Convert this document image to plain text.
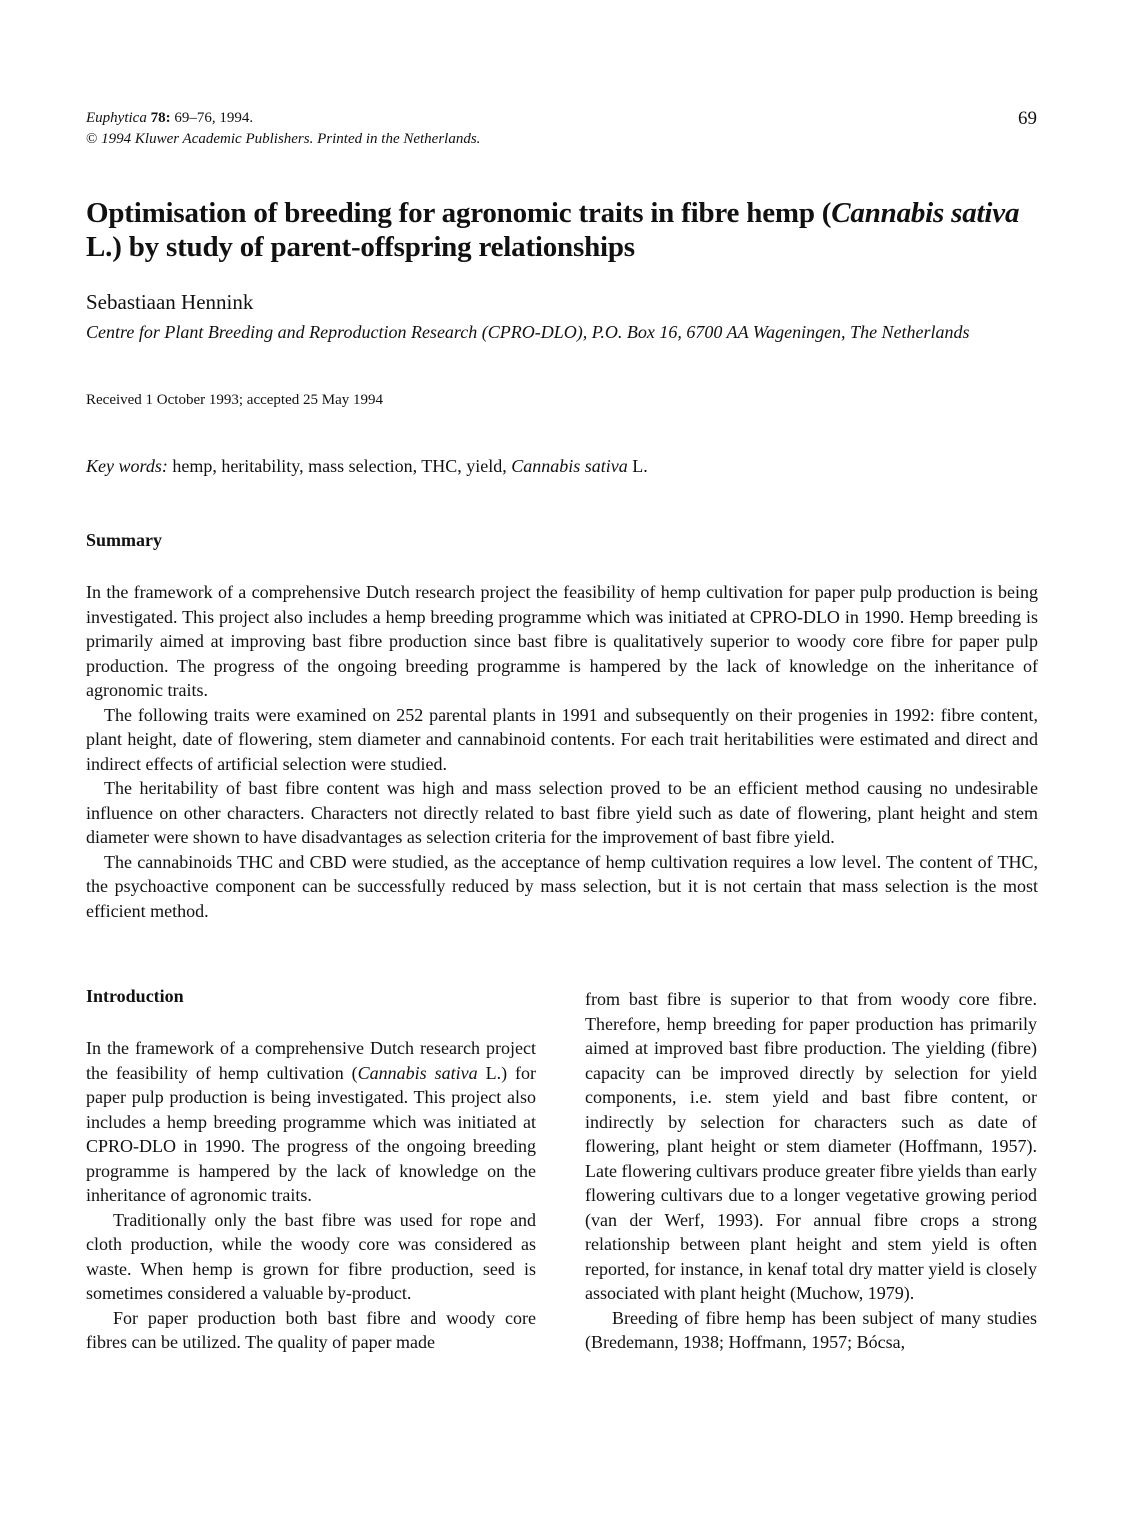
Euphytica 78: 69–76, 1994.
© 1994 Kluwer Academic Publishers. Printed in the Netherlands.
69
Optimisation of breeding for agronomic traits in fibre hemp (Cannabis sativa L.) by study of parent-offspring relationships
Sebastiaan Hennink
Centre for Plant Breeding and Reproduction Research (CPRO-DLO), P.O. Box 16, 6700 AA Wageningen, The Netherlands
Received 1 October 1993; accepted 25 May 1994
Key words: hemp, heritability, mass selection, THC, yield, Cannabis sativa L.
Summary

In the framework of a comprehensive Dutch research project the feasibility of hemp cultivation for paper pulp production is being investigated. This project also includes a hemp breeding programme which was initiated at CPRO-DLO in 1990. Hemp breeding is primarily aimed at improving bast fibre production since bast fibre is qualitatively superior to woody core fibre for paper pulp production. The progress of the ongoing breeding programme is hampered by the lack of knowledge on the inheritance of agronomic traits.

The following traits were examined on 252 parental plants in 1991 and subsequently on their progenies in 1992: fibre content, plant height, date of flowering, stem diameter and cannabinoid contents. For each trait heritabilities were estimated and direct and indirect effects of artificial selection were studied.

The heritability of bast fibre content was high and mass selection proved to be an efficient method causing no undesirable influence on other characters. Characters not directly related to bast fibre yield such as date of flowering, plant height and stem diameter were shown to have disadvantages as selection criteria for the improvement of bast fibre yield.

The cannabinoids THC and CBD were studied, as the acceptance of hemp cultivation requires a low level. The content of THC, the psychoactive component can be successfully reduced by mass selection, but it is not certain that mass selection is the most efficient method.

Introduction

In the framework of a comprehensive Dutch research project the feasibility of hemp cultivation (Cannabis sativa L.) for paper pulp production is being investigated. This project also includes a hemp breeding programme which was initiated at CPRO-DLO in 1990. The progress of the ongoing breeding programme is hampered by the lack of knowledge on the inheritance of agronomic traits.

Traditionally only the bast fibre was used for rope and cloth production, while the woody core was considered as waste. When hemp is grown for fibre production, seed is sometimes considered a valuable by-product.

For paper production both bast fibre and woody core fibres can be utilized. The quality of paper made

from bast fibre is superior to that from woody core fibre. Therefore, hemp breeding for paper production has primarily aimed at improved bast fibre production. The yielding (fibre) capacity can be improved directly by selection for yield components, i.e. stem yield and bast fibre content, or indirectly by selection for characters such as date of flowering, plant height or stem diameter (Hoffmann, 1957). Late flowering cultivars produce greater fibre yields than early flowering cultivars due to a longer vegetative growing period (van der Werf, 1993). For annual fibre crops a strong relationship between plant height and stem yield is often reported, for instance, in kenaf total dry matter yield is closely associated with plant height (Muchow, 1979).

Breeding of fibre hemp has been subject of many studies (Bredemann, 1938; Hoffmann, 1957; Bócsa,
